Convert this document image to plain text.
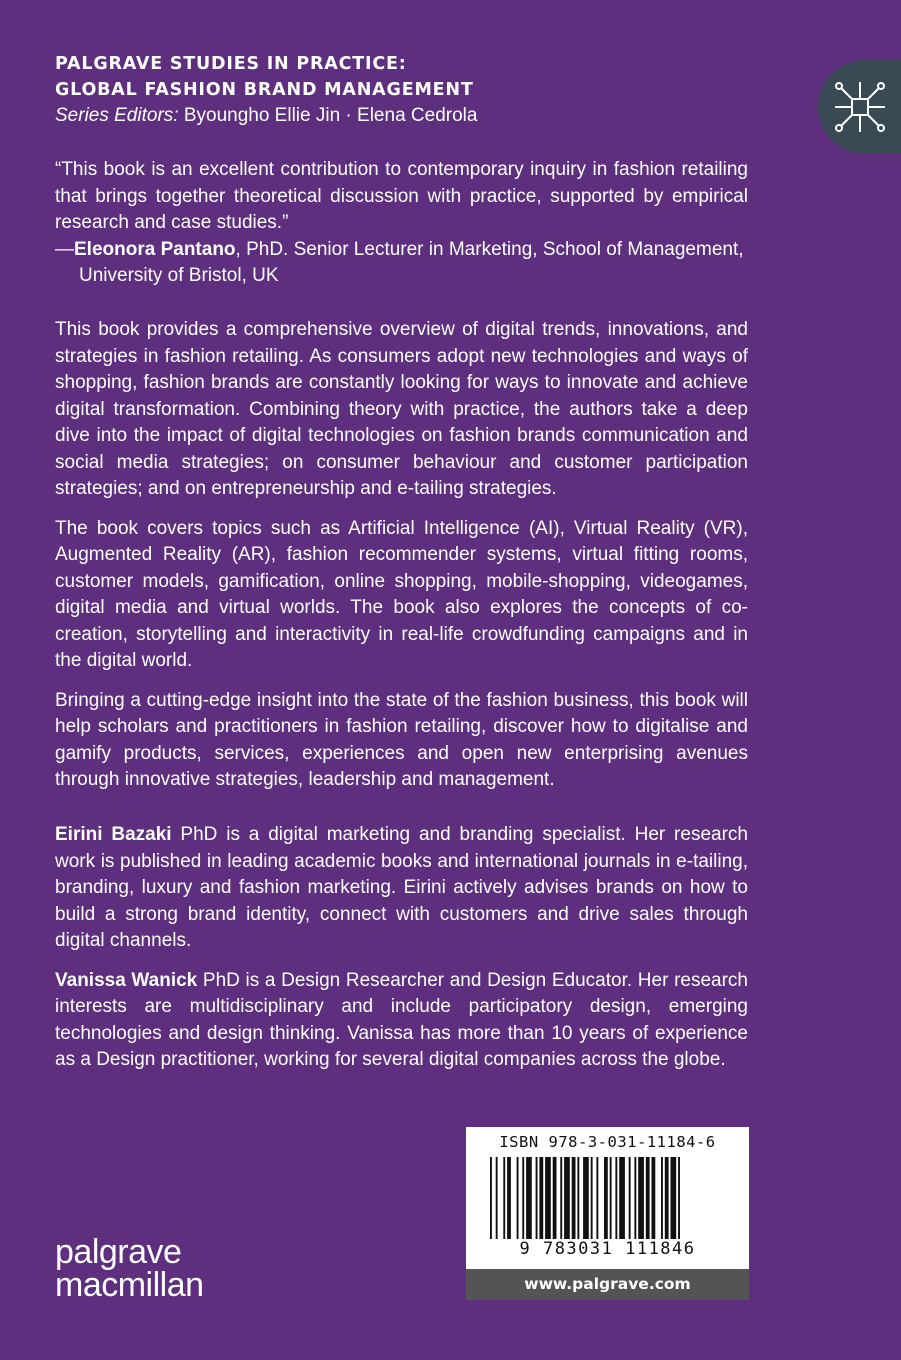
PALGRAVE STUDIES IN PRACTICE:

GLOBAL FASHION BRAND MANAGEMENT

Series Editors: Byoungho Ellie Jin · Elena Cedrola

“This book is an excellent contribution to contemporary inquiry in fashion retailing that brings together theoretical discussion with practice, supported by empirical research and case studies.”

—Eleonora Pantano, PhD. Senior Lecturer in Marketing, School of Management, University of Bristol, UK

This book provides a comprehensive overview of digital trends, innovations, and strategies in fashion retailing. As consumers adopt new technologies and ways of shopping, fashion brands are constantly looking for ways to innovate and achieve digital transformation. Combining theory with practice, the authors take a deep dive into the impact of digital technologies on fashion brands communication and social media strategies; on consumer behaviour and customer participation strategies; and on entrepreneurship and e-tailing strategies.

The book covers topics such as Artificial Intelligence (AI), Virtual Reality (VR), Augmented Reality (AR), fashion recommender systems, virtual fitting rooms, customer models, gamification, online shopping, mobile-shopping, videogames, digital media and virtual worlds. The book also explores the concepts of co-creation, storytelling and interactivity in real-life crowdfunding campaigns and in the digital world.

Bringing a cutting-edge insight into the state of the fashion business, this book will help scholars and practitioners in fashion retailing, discover how to digitalise and gamify products, services, experiences and open new enterprising avenues through innovative strategies, leadership and management.

Eirini Bazaki PhD is a digital marketing and branding specialist. Her research work is published in leading academic books and international journals in e-tailing, branding, luxury and fashion marketing. Eirini actively advises brands on how to build a strong brand identity, connect with customers and drive sales through digital channels.

Vanissa Wanick PhD is a Design Researcher and Design Educator. Her research interests are multidisciplinary and include participatory design, emerging technologies and design thinking. Vanissa has more than 10 years of experience as a Design practitioner, working for several digital companies across the globe.

ISBN 978-3-031-11184-6
9 783031 111846
www.palgrave.com
palgrave
macmillan
